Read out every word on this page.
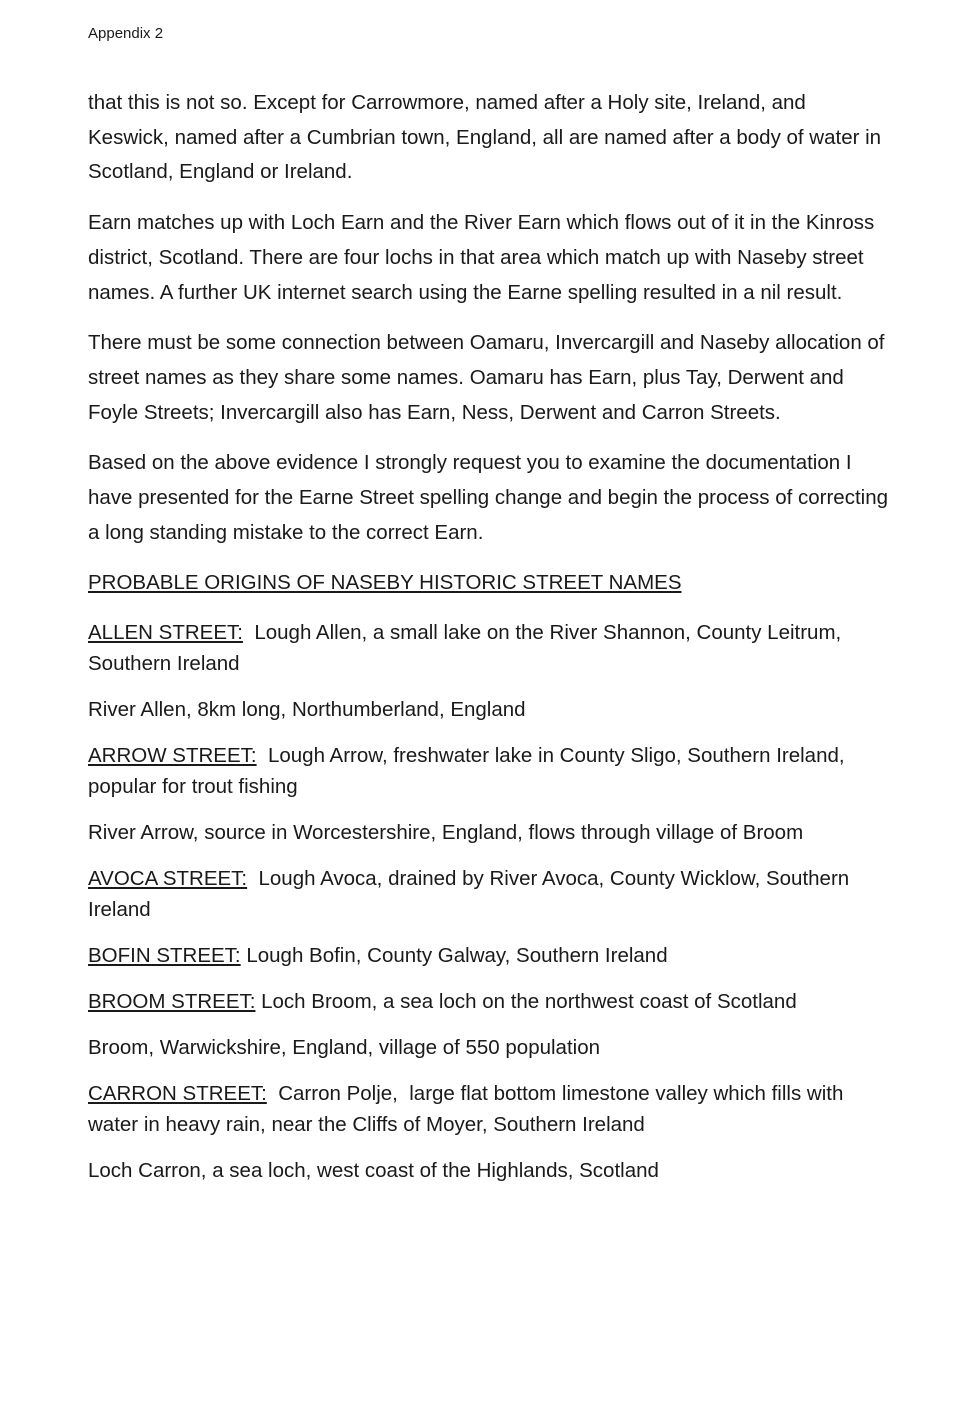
Appendix 2

that this is not so. Except for Carrowmore, named after a Holy site, Ireland, and Keswick, named after a Cumbrian town, England, all are named after a body of water in Scotland, England or Ireland.

Earn matches up with Loch Earn and the River Earn which flows out of it in the Kinross district, Scotland. There are four lochs in that area which match up with Naseby street names. A further UK internet search using the Earne spelling resulted in a nil result.

There must be some connection between Oamaru, Invercargill and Naseby allocation of street names as they share some names. Oamaru has Earn, plus Tay, Derwent and Foyle Streets; Invercargill also has Earn, Ness, Derwent and Carron Streets.

Based on the above evidence I strongly request you to examine the documentation I have presented for the Earne Street spelling change and begin the process of correcting a long standing mistake to the correct Earn.

PROBABLE ORIGINS OF NASEBY HISTORIC STREET NAMES

ALLEN STREET:  Lough Allen, a small lake on the River Shannon, County Leitrum, Southern Ireland

River Allen, 8km long, Northumberland, England

ARROW STREET:  Lough Arrow, freshwater lake in County Sligo, Southern Ireland, popular for trout fishing

River Arrow, source in Worcestershire, England, flows through village of Broom

AVOCA STREET:  Lough Avoca, drained by River Avoca, County Wicklow, Southern Ireland

BOFIN STREET: Lough Bofin, County Galway, Southern Ireland

BROOM STREET: Loch Broom, a sea loch on the northwest coast of Scotland

Broom, Warwickshire, England, village of 550 population

CARRON STREET:  Carron Polje,  large flat bottom limestone valley which fills with water in heavy rain, near the Cliffs of Moyer, Southern Ireland

Loch Carron, a sea loch, west coast of the Highlands, Scotland
